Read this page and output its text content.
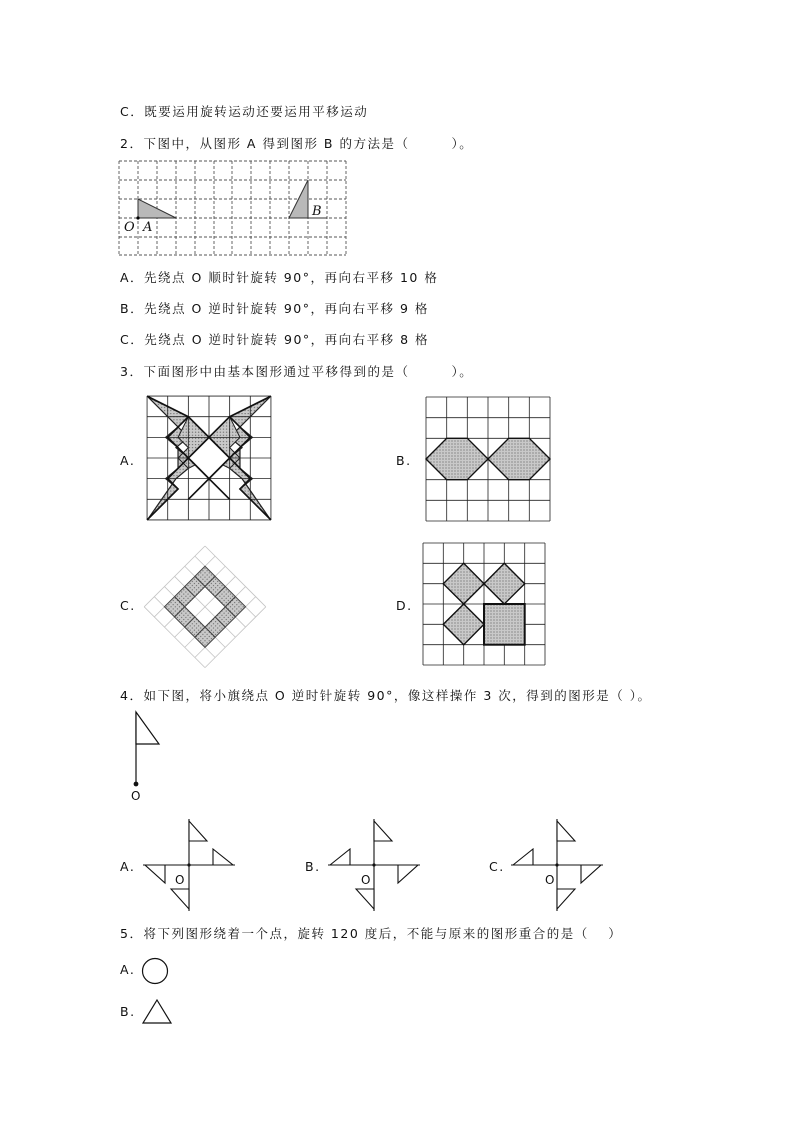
C．既要运用旋转运动还要运用平移运动
2．下图中，从图形 A 得到图形 B 的方法是（　　　）。
O A
B
A．先绕点 O 顺时针旋转 90°，再向右平移 10 格
B．先绕点 O 逆时针旋转 90°，再向右平移 9 格
C．先绕点 O 逆时针旋转 90°，再向右平移 8 格
3．下面图形中由基本图形通过平移得到的是（　　　）。
A.	B.
C.	D.
4．如下图，将小旗绕点 O 逆时针旋转 90°，像这样操作 3 次，得到的图形是（ ）。
O
A.
O
B.
O
C.
O
5．将下列图形绕着一个点，旋转 120 度后，不能与原来的图形重合的是（　 ）
A.
B.
